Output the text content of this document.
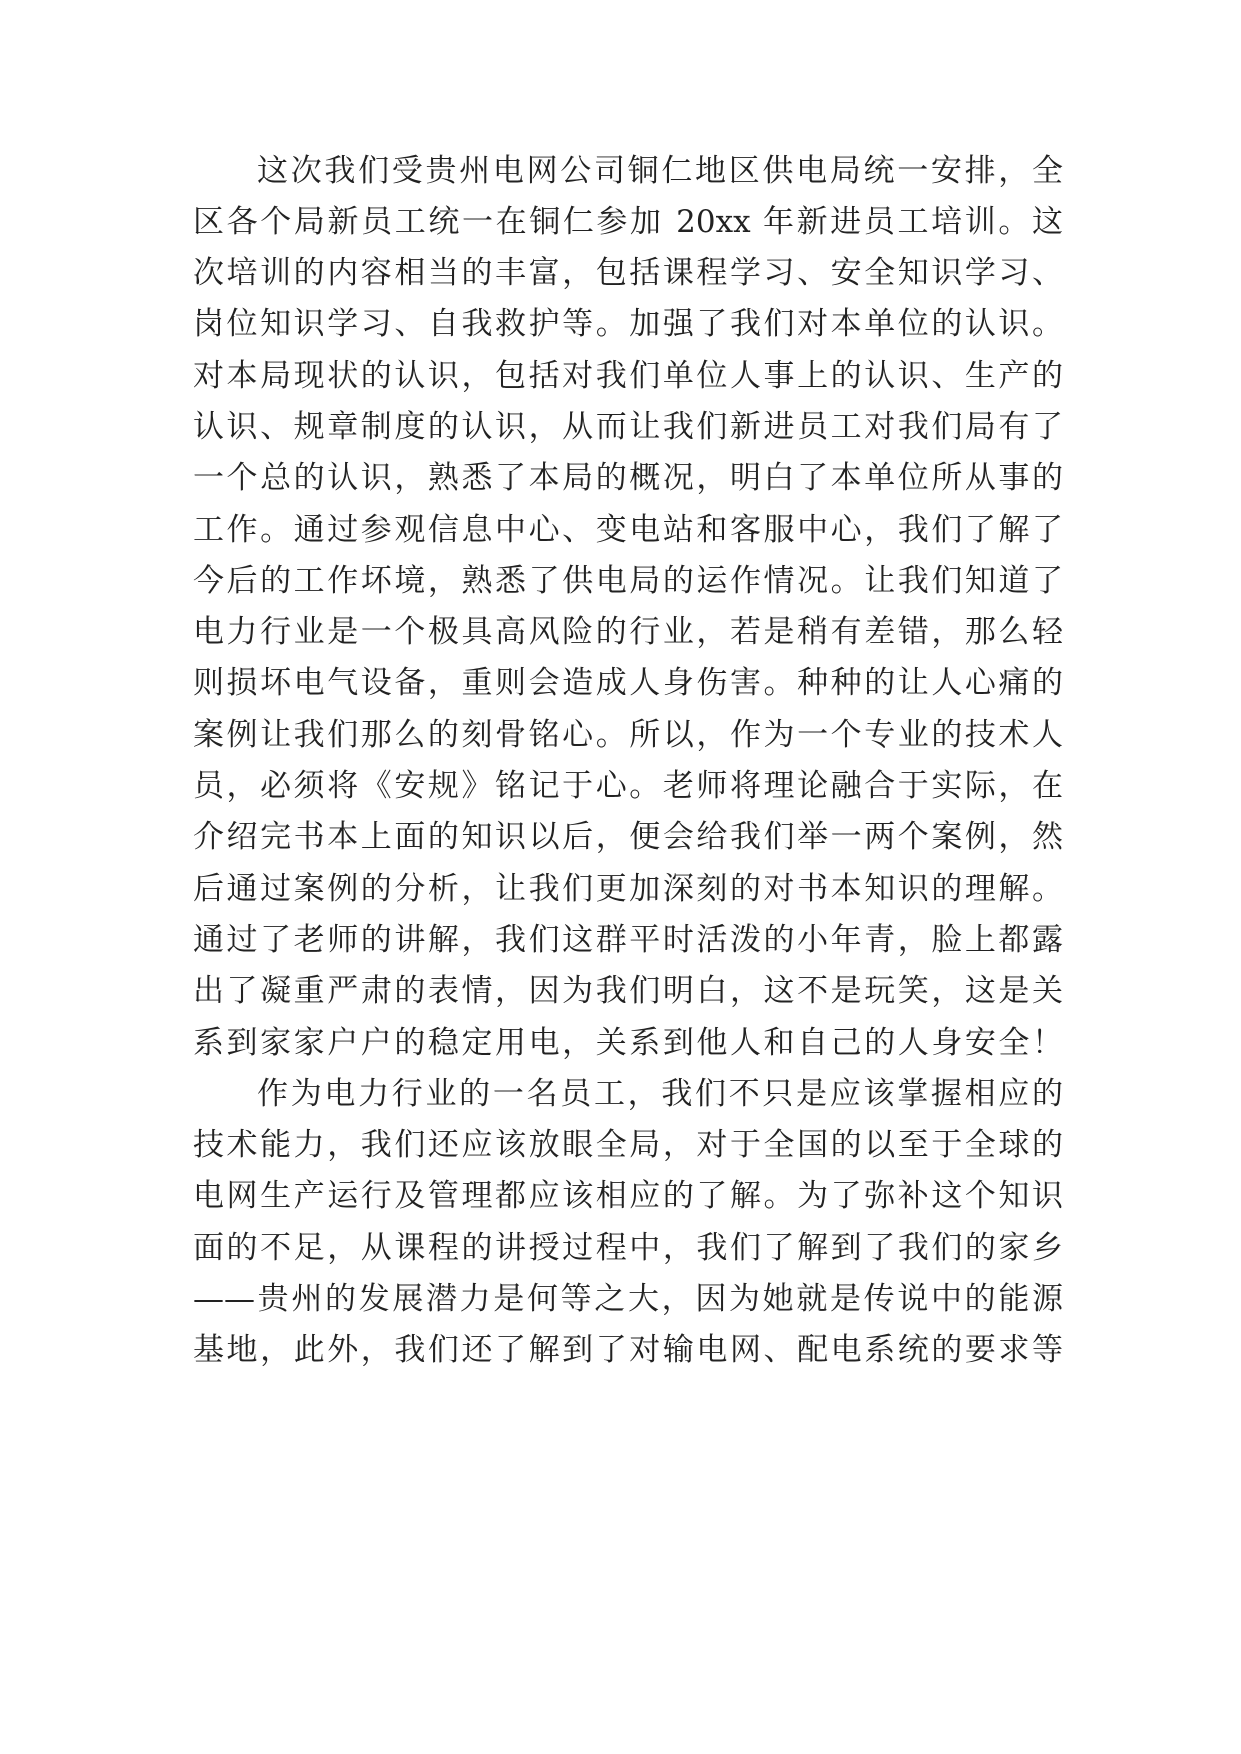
这次我们受贵州电网公司铜仁地区供电局统一安排，全
区各个局新员工统一在铜仁参加 20xx 年新进员工培训。这
次培训的内容相当的丰富，包括课程学习、安全知识学习、
岗位知识学习、自我救护等。加强了我们对本单位的认识。
对本局现状的认识，包括对我们单位人事上的认识、生产的
认识、规章制度的认识，从而让我们新进员工对我们局有了
一个总的认识，熟悉了本局的概况，明白了本单位所从事的
工作。通过参观信息中心、变电站和客服中心，我们了解了
今后的工作坏境，熟悉了供电局的运作情况。让我们知道了
电力行业是一个极具高风险的行业，若是稍有差错，那么轻
则损坏电气设备，重则会造成人身伤害。种种的让人心痛的
案例让我们那么的刻骨铭心。所以，作为一个专业的技术人
员，必须将《安规》铭记于心。老师将理论融合于实际，在
介绍完书本上面的知识以后，便会给我们举一两个案例，然
后通过案例的分析，让我们更加深刻的对书本知识的理解。
通过了老师的讲解，我们这群平时活泼的小年青，脸上都露
出了凝重严肃的表情，因为我们明白，这不是玩笑，这是关
系到家家户户的稳定用电，关系到他人和自己的人身安全！
作为电力行业的一名员工，我们不只是应该掌握相应的
技术能力，我们还应该放眼全局，对于全国的以至于全球的
电网生产运行及管理都应该相应的了解。为了弥补这个知识
面的不足，从课程的讲授过程中，我们了解到了我们的家乡
——贵州的发展潜力是何等之大，因为她就是传说中的能源
基地，此外，我们还了解到了对输电网、配电系统的要求等
